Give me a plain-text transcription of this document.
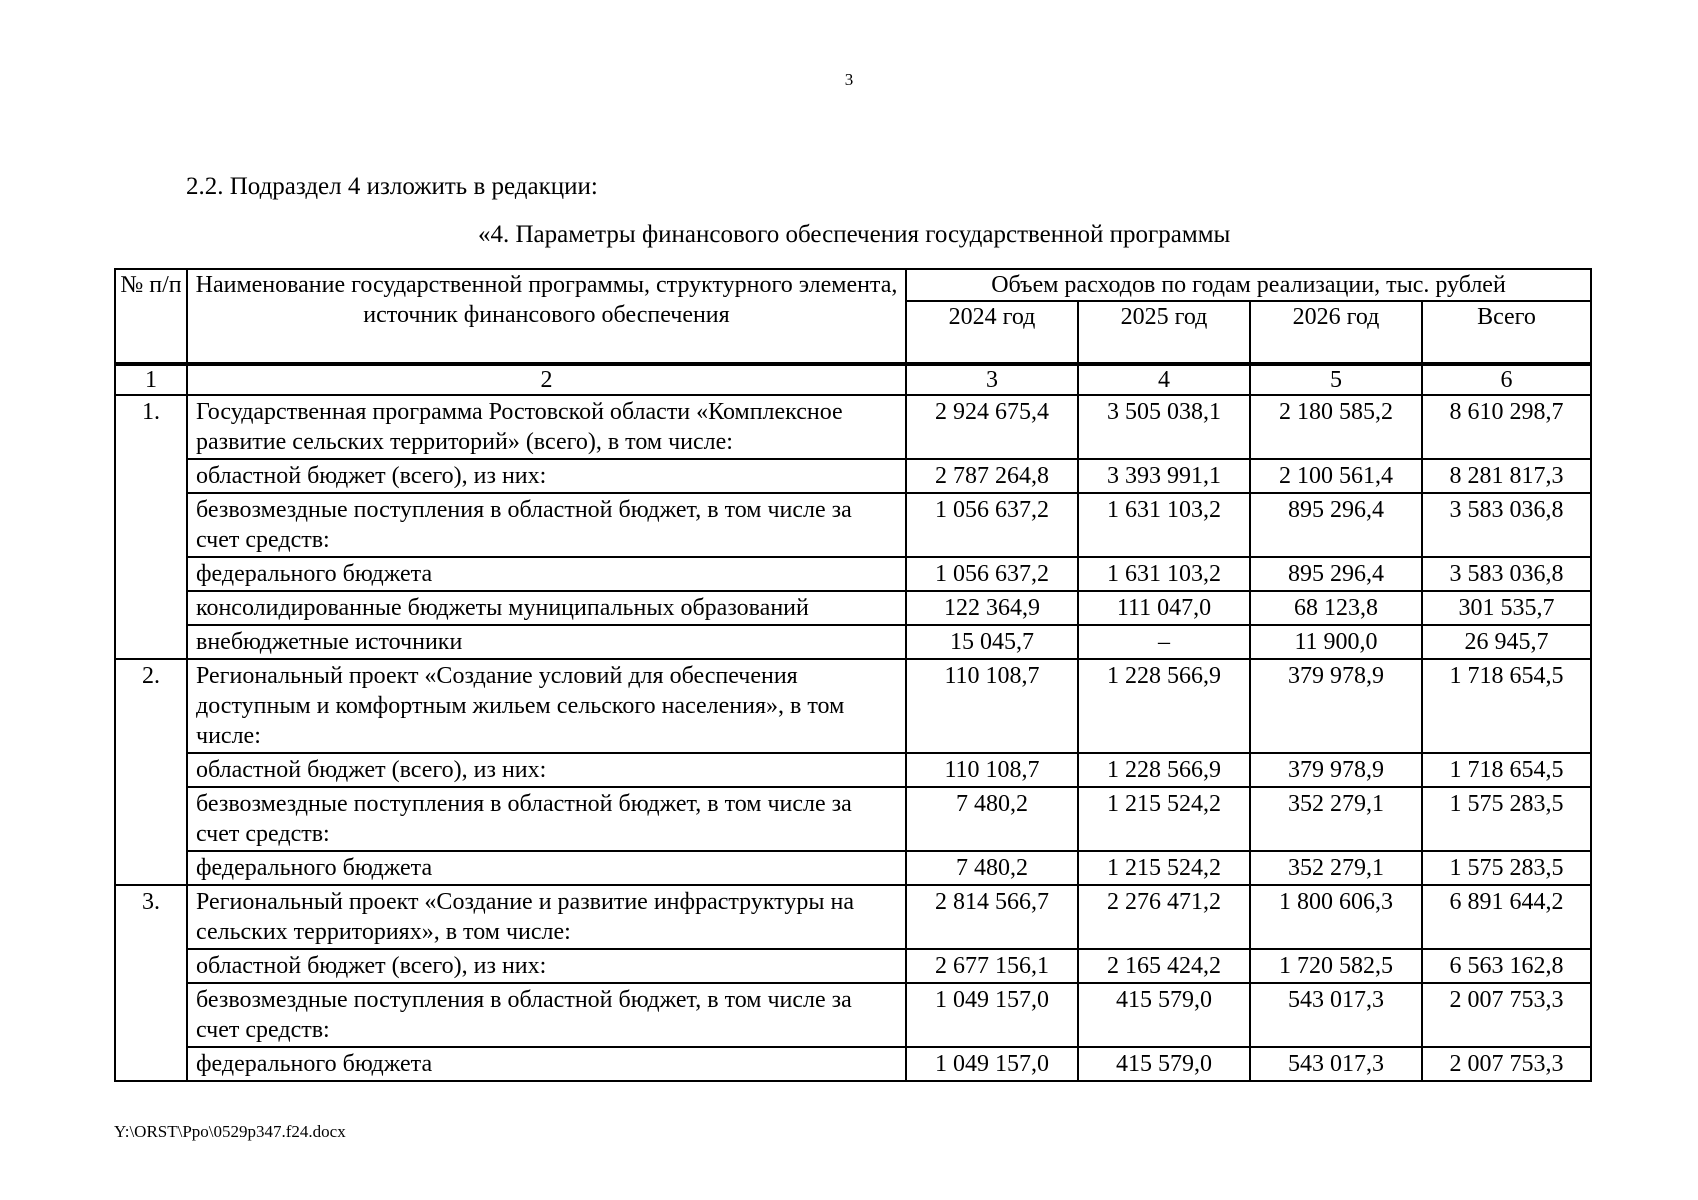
3
2.2. Подраздел 4 изложить в редакции:
«4. Параметры финансового обеспечения государственной программы
№ п/п	Наименование государственной программы, структурного элемента, источник финансового обеспечения	Объем расходов по годам реализации, тыс. рублей			
		2024 год	2025 год	2026 год	Всего
1	2	3	4	5	6
1.	Государственная программа Ростовской области «Комплексное развитие сельских территорий» (всего), в том числе:	2 924 675,4	3 505 038,1	2 180 585,2	8 610 298,7
	областной бюджет (всего), из них:	2 787 264,8	3 393 991,1	2 100 561,4	8 281 817,3
	безвозмездные поступления в областной бюджет, в том числе за счет средств:	1 056 637,2	1 631 103,2	895 296,4	3 583 036,8
	федерального бюджета	1 056 637,2	1 631 103,2	895 296,4	3 583 036,8
	консолидированные бюджеты муниципальных образований	122 364,9	111 047,0	68 123,8	301 535,7
	внебюджетные источники	15 045,7	–	11 900,0	26 945,7
2.	Региональный проект «Создание условий для обеспечения доступным и комфортным жильем сельского населения», в том числе:	110 108,7	1 228 566,9	379 978,9	1 718 654,5
	областной бюджет (всего), из них:	110 108,7	1 228 566,9	379 978,9	1 718 654,5
	безвозмездные поступления в областной бюджет, в том числе за счет средств:	7 480,2	1 215 524,2	352 279,1	1 575 283,5
	федерального бюджета	7 480,2	1 215 524,2	352 279,1	1 575 283,5
3.	Региональный проект «Создание и развитие инфраструктуры на сельских территориях», в том числе:	2 814 566,7	2 276 471,2	1 800 606,3	6 891 644,2
	областной бюджет (всего), из них:	2 677 156,1	2 165 424,2	1 720 582,5	6 563 162,8
	безвозмездные поступления в областной бюджет, в том числе за счет средств:	1 049 157,0	415 579,0	543 017,3	2 007 753,3
	федерального бюджета	1 049 157,0	415 579,0	543 017,3	2 007 753,3
Y:\ORST\Ppo\0529p347.f24.docx
